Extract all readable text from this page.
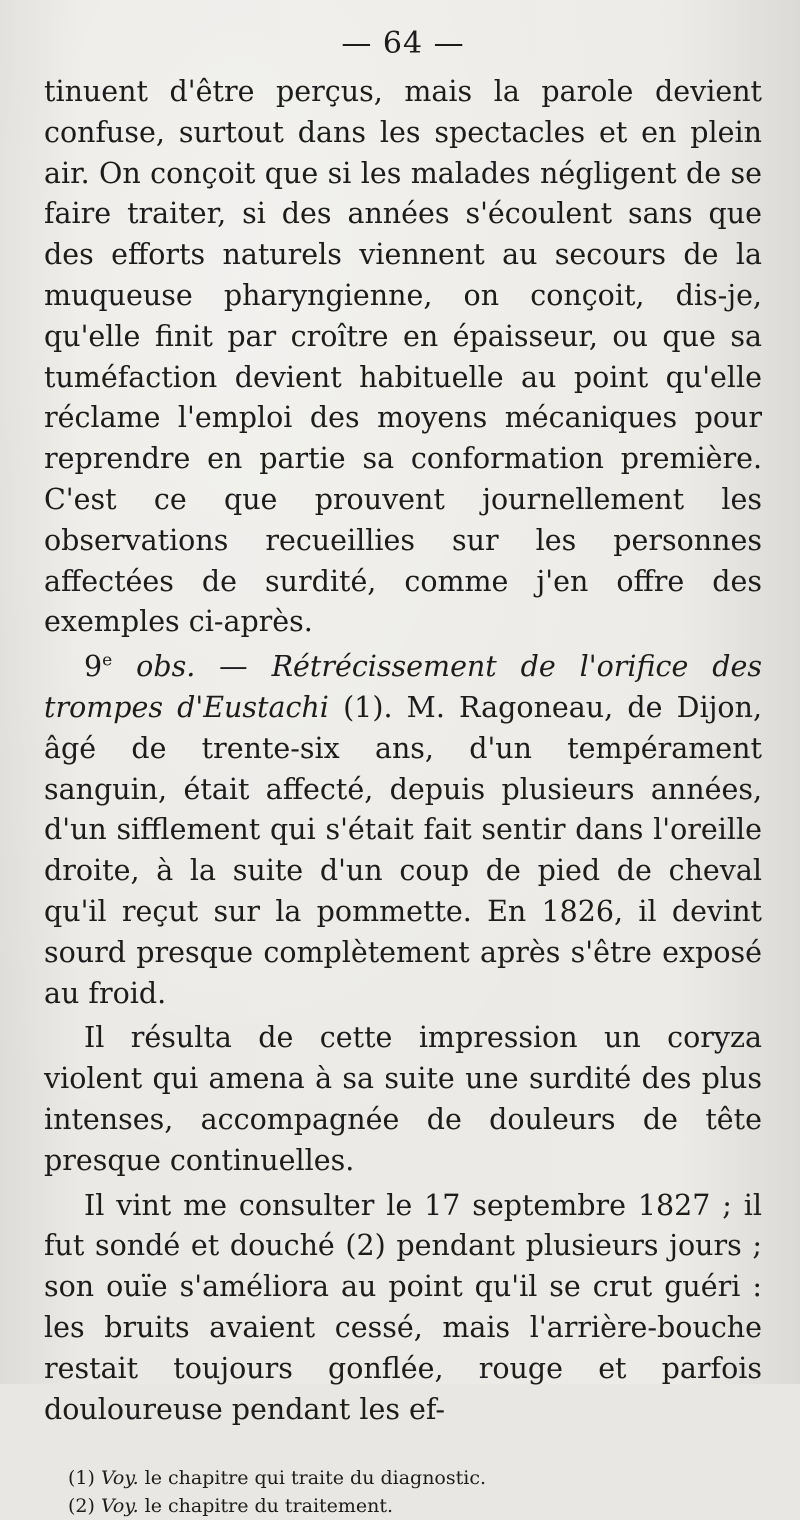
— 64 —

tinuent d'être perçus, mais la parole devient confuse, surtout dans les spectacles et en plein air. On conçoit que si les malades négligent de se faire traiter, si des années s'écoulent sans que des efforts naturels viennent au secours de la muqueuse pharyngienne, on conçoit, dis-je, qu'elle finit par croître en épaisseur, ou que sa tuméfaction devient habituelle au point qu'elle réclame l'emploi des moyens mécaniques pour reprendre en partie sa conformation première. C'est ce que prouvent journellement les observations recueillies sur les personnes affectées de surdité, comme j'en offre des exemples ci-après.

9e obs. — Rétrécissement de l'orifice des trompes d'Eustachi (1). M. Ragoneau, de Dijon, âgé de trente-six ans, d'un tempérament sanguin, était affecté, depuis plusieurs années, d'un sifflement qui s'était fait sentir dans l'oreille droite, à la suite d'un coup de pied de cheval qu'il reçut sur la pommette. En 1826, il devint sourd presque complètement après s'être exposé au froid.

Il résulta de cette impression un coryza violent qui amena à sa suite une surdité des plus intenses, accompagnée de douleurs de tête presque continuelles.

Il vint me consulter le 17 septembre 1827 ; il fut sondé et douché (2) pendant plusieurs jours ; son ouïe s'améliora au point qu'il se crut guéri : les bruits avaient cessé, mais l'arrière-bouche restait toujours gonflée, rouge et parfois douloureuse pendant les ef-

(1) Voy. le chapitre qui traite du diagnostic.

(2) Voy. le chapitre du traitement.
